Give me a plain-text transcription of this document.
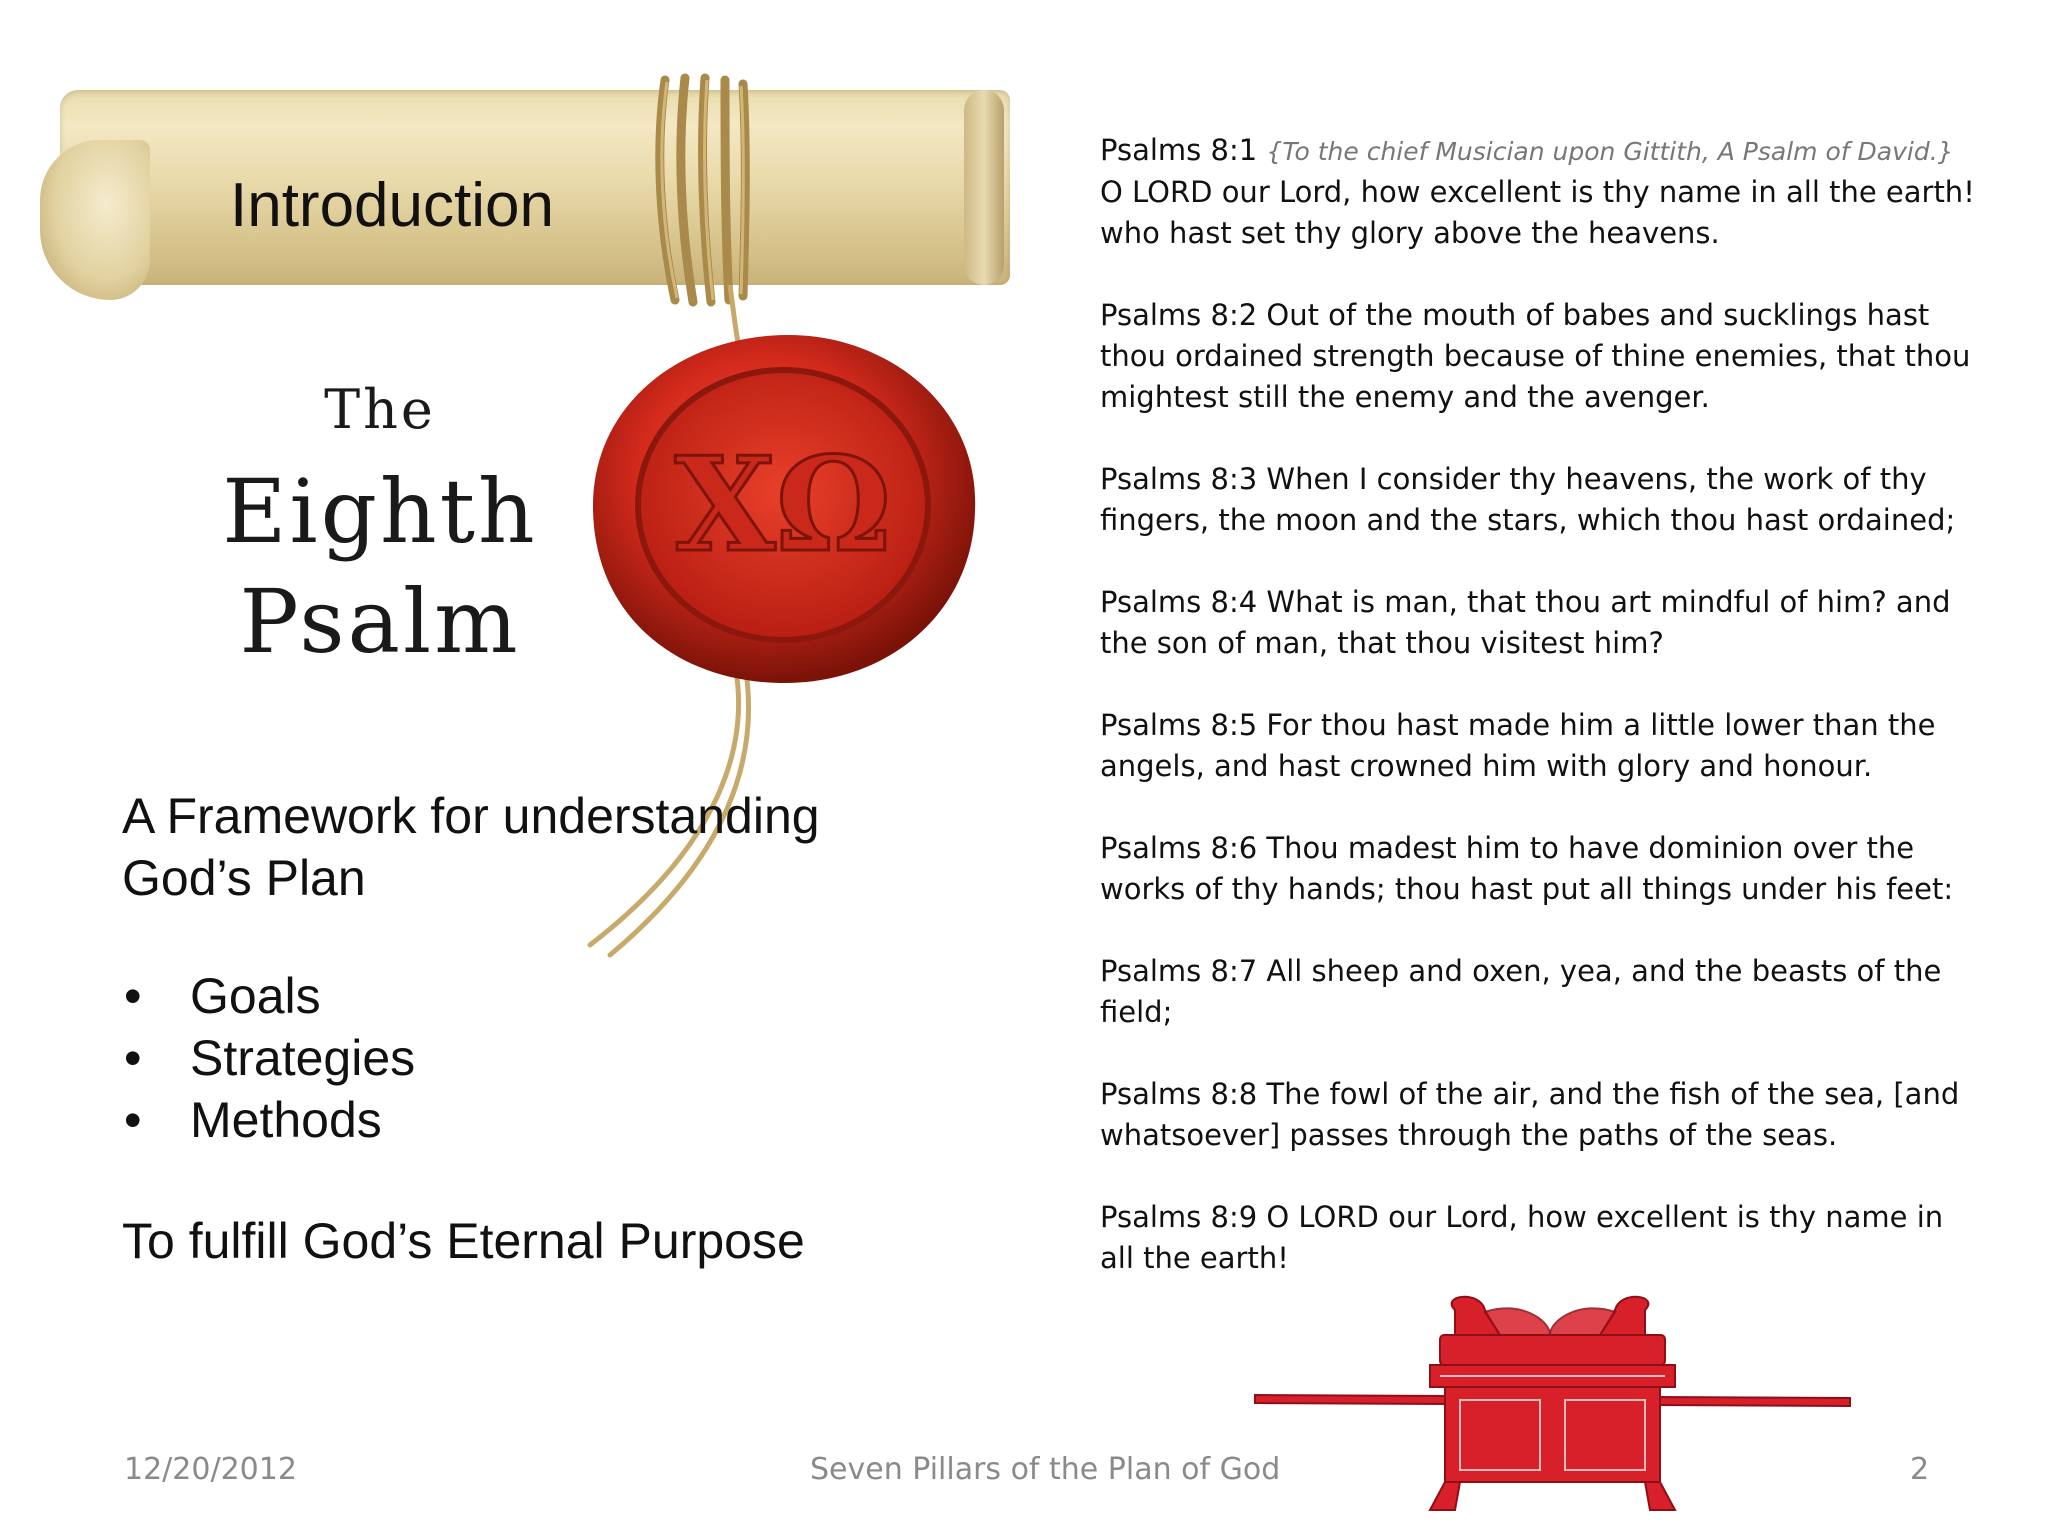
Introduction
XΩ
The
Eighth
Psalm
A Framework for understanding
God’s Plan
• Goals
• Strategies
• Methods
To fulfill God’s Eternal Purpose

Psalms 8:1 {To the chief Musician upon Gittith, A Psalm of David.} O LORD our Lord, how excellent is thy name in all the earth! who hast set thy glory above the heavens.

Psalms 8:2 Out of the mouth of babes and sucklings hast thou ordained strength because of thine enemies, that thou mightest still the enemy and the avenger.

Psalms 8:3 When I consider thy heavens, the work of thy fingers, the moon and the stars, which thou hast ordained;

Psalms 8:4 What is man, that thou art mindful of him? and the son of man, that thou visitest him?

Psalms 8:5 For thou hast made him a little lower than the angels, and hast crowned him with glory and honour.

Psalms 8:6 Thou madest him to have dominion over the works of thy hands; thou hast put all things under his feet:

Psalms 8:7 All sheep and oxen, yea, and the beasts of the field;

Psalms 8:8 The fowl of the air, and the fish of the sea, [and whatsoever] passes through the paths of the seas.

Psalms 8:9 O LORD our Lord, how excellent is thy name in all the earth!

12/20/2012	Seven Pillars of the Plan of God	2
